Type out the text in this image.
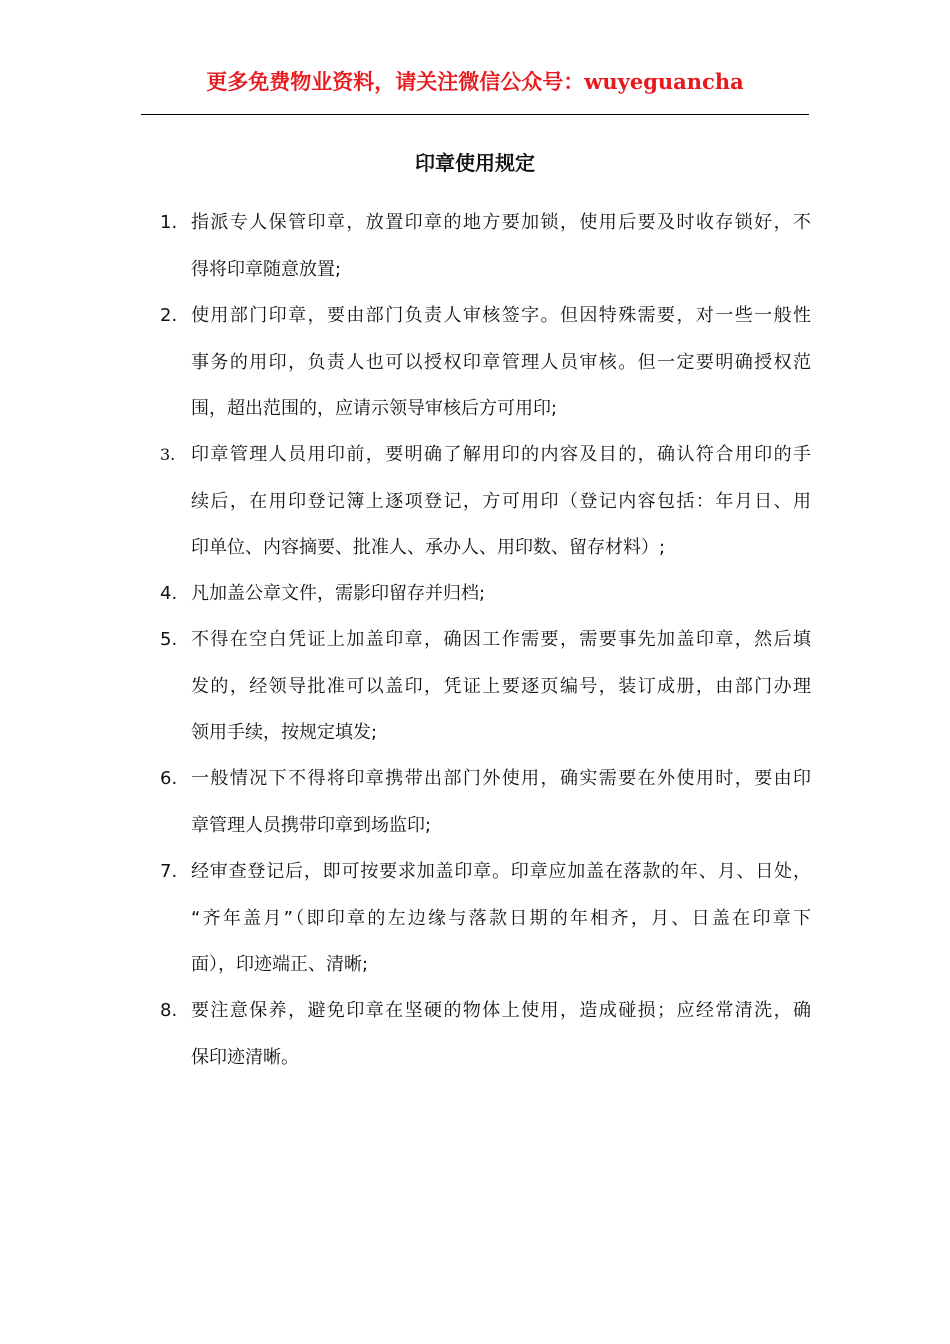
更多免费物业资料，请关注微信公众号：wuyeguancha
印章使用规定
1. 指派专人保管印章，放置印章的地方要加锁，使用后要及时收存锁好，不
得将印章随意放置;
2. 使用部门印章，要由部门负责人审核签字。但因特殊需要，对一些一般性
事务的用印，负责人也可以授权印章管理人员审核。但一定要明确授权范
围，超出范围的，应请示领导审核后方可用印;
3. 印章管理人员用印前，要明确了解用印的内容及目的，确认符合用印的手
续后，在用印登记簿上逐项登记，方可用印（登记内容包括：年月日、用
印单位、内容摘要、批准人、承办人、用印数、留存材料）;
4. 凡加盖公章文件，需影印留存并归档;
5. 不得在空白凭证上加盖印章，确因工作需要，需要事先加盖印章，然后填
发的，经领导批准可以盖印，凭证上要逐页编号，装订成册，由部门办理
领用手续，按规定填发;
6. 一般情况下不得将印章携带出部门外使用，确实需要在外使用时，要由印
章管理人员携带印章到场监印;
7. 经审查登记后，即可按要求加盖印章。印章应加盖在落款的年、月、日处，
“齐年盖月”（即印章的左边缘与落款日期的年相齐，月、日盖在印章下
面），印迹端正、清晰;
8. 要注意保养，避免印章在坚硬的物体上使用，造成碰损；应经常清洗，确
保印迹清晰。
